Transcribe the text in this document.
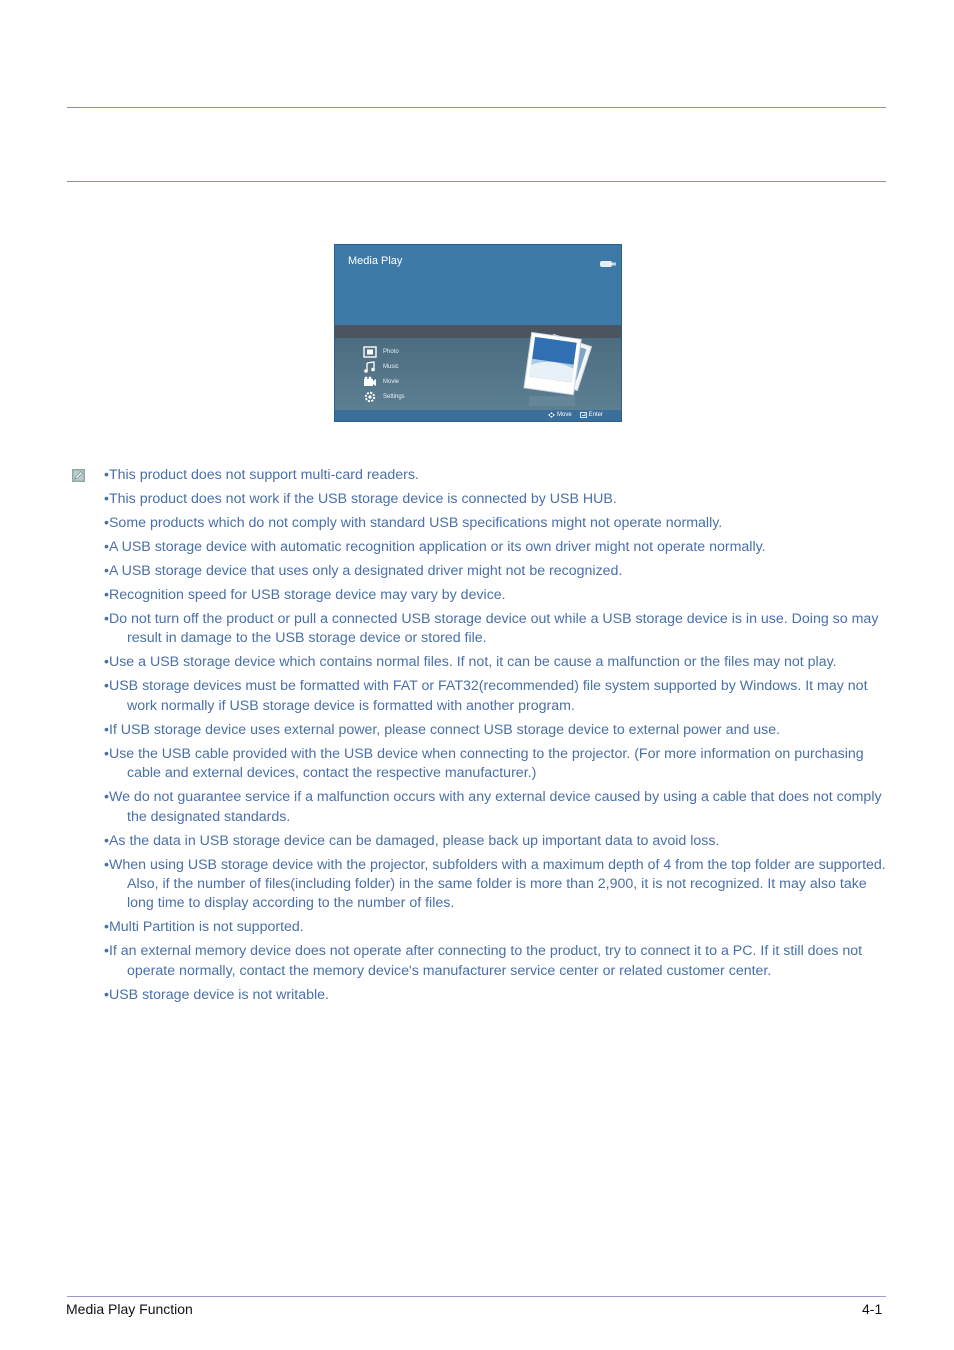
Media Play
Photo
Music
Movie
Settings
Move	Enter
•This product does not support multi-card readers.
•This product does not work if the USB storage device is connected by USB HUB.
•Some products which do not comply with standard USB specifications might not operate normally.
•A USB storage device with automatic recognition application or its own driver might not operate normally.
•A USB storage device that uses only a designated driver might not be recognized.
•Recognition speed for USB storage device may vary by device.
•Do not turn off the product or pull a connected USB storage device out while a USB storage device is in use. Doing so may result in damage to the USB storage device or stored file.
•Use a USB storage device which contains normal files. If not, it can be cause a malfunction or the files may not play.
•USB storage devices must be formatted with FAT or FAT32(recommended) file system supported by Windows. It may not work normally if USB storage device is formatted with another program.
•If USB storage device uses external power, please connect USB storage device to external power and use.
•Use the USB cable provided with the USB device when connecting to the projector. (For more information on purchasing cable and external devices, contact the respective manufacturer.)
•We do not guarantee service if a malfunction occurs with any external device caused by using a cable that does not comply the designated standards.
•As the data in USB storage device can be damaged, please back up important data to avoid loss.
•When using USB storage device with the projector, subfolders with a maximum depth of 4 from the top folder are supported. Also, if the number of files(including folder) in the same folder is more than 2,900, it is not recognized. It may also take long time to display according to the number of files.
•Multi Partition is not supported.
•If an external memory device does not operate after connecting to the product, try to connect it to a PC. If it still does not operate normally, contact the memory device's manufacturer service center or related customer center.
•USB storage device is not writable.
Media Play Function	4-1
